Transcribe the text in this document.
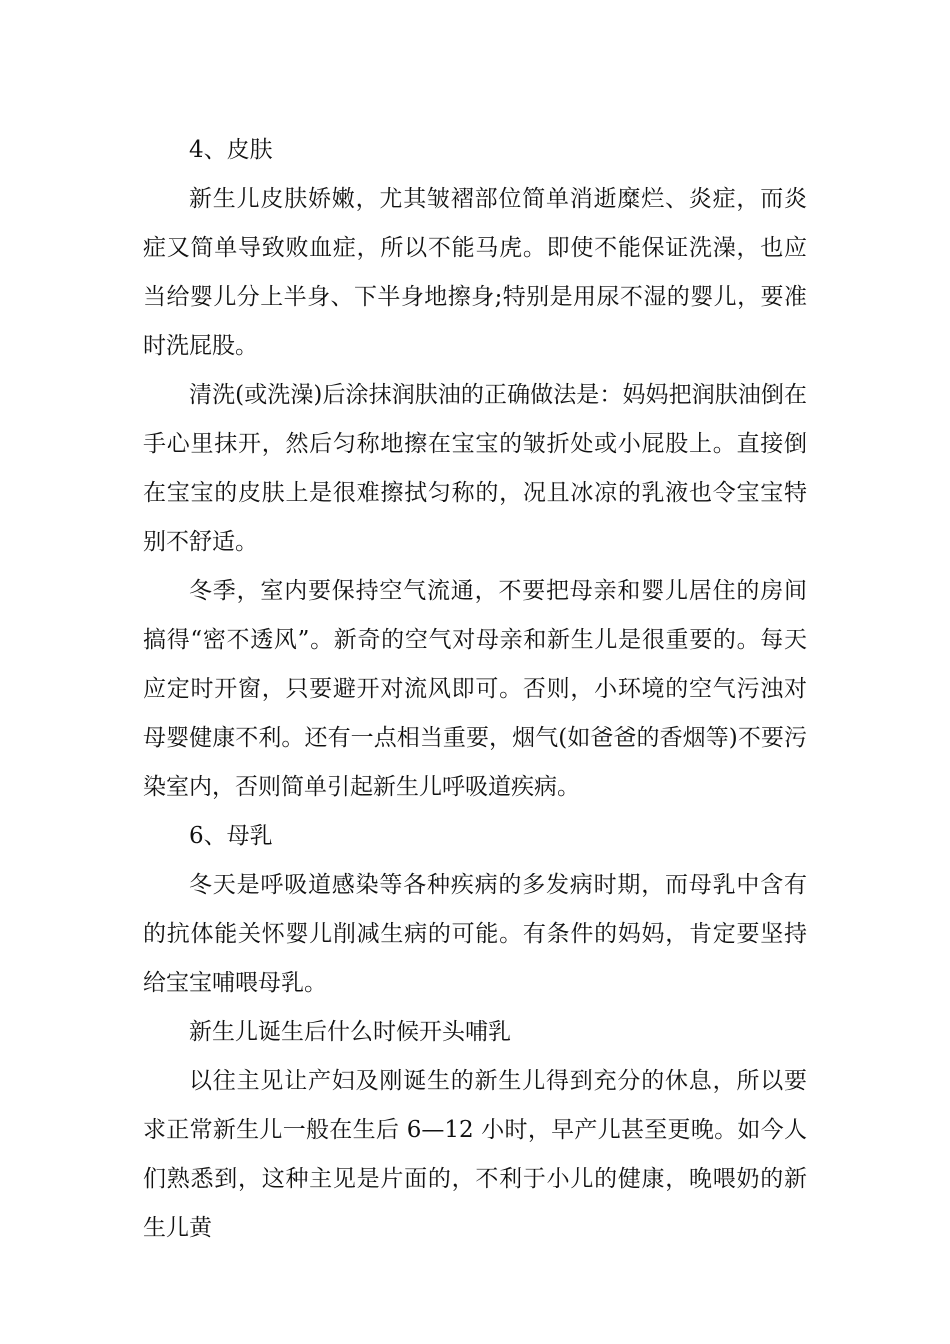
4、皮肤

新生儿皮肤娇嫩，尤其皱褶部位简单消逝糜烂、炎症，而炎症又简单导致败血症，所以不能马虎。即使不能保证洗澡，也应当给婴儿分上半身、下半身地擦身;特别是用尿不湿的婴儿，要准时洗屁股。

清洗(或洗澡)后涂抹润肤油的正确做法是：妈妈把润肤油倒在手心里抹开，然后匀称地擦在宝宝的皱折处或小屁股上。直接倒在宝宝的皮肤上是很难擦拭匀称的，况且冰凉的乳液也令宝宝特别不舒适。

冬季，室内要保持空气流通，不要把母亲和婴儿居住的房间搞得“密不透风”。新奇的空气对母亲和新生儿是很重要的。每天应定时开窗，只要避开对流风即可。否则，小环境的空气污浊对母婴健康不利。还有一点相当重要，烟气(如爸爸的香烟等)不要污染室内，否则简单引起新生儿呼吸道疾病。

6、母乳

冬天是呼吸道感染等各种疾病的多发病时期，而母乳中含有的抗体能关怀婴儿削减生病的可能。有条件的妈妈，肯定要坚持给宝宝哺喂母乳。

新生儿诞生后什么时候开头哺乳

以往主见让产妇及刚诞生的新生儿得到充分的休息，所以要求正常新生儿一般在生后 6—12 小时，早产儿甚至更晚。如今人们熟悉到，这种主见是片面的，不利于小儿的健康，晚喂奶的新生儿黄
